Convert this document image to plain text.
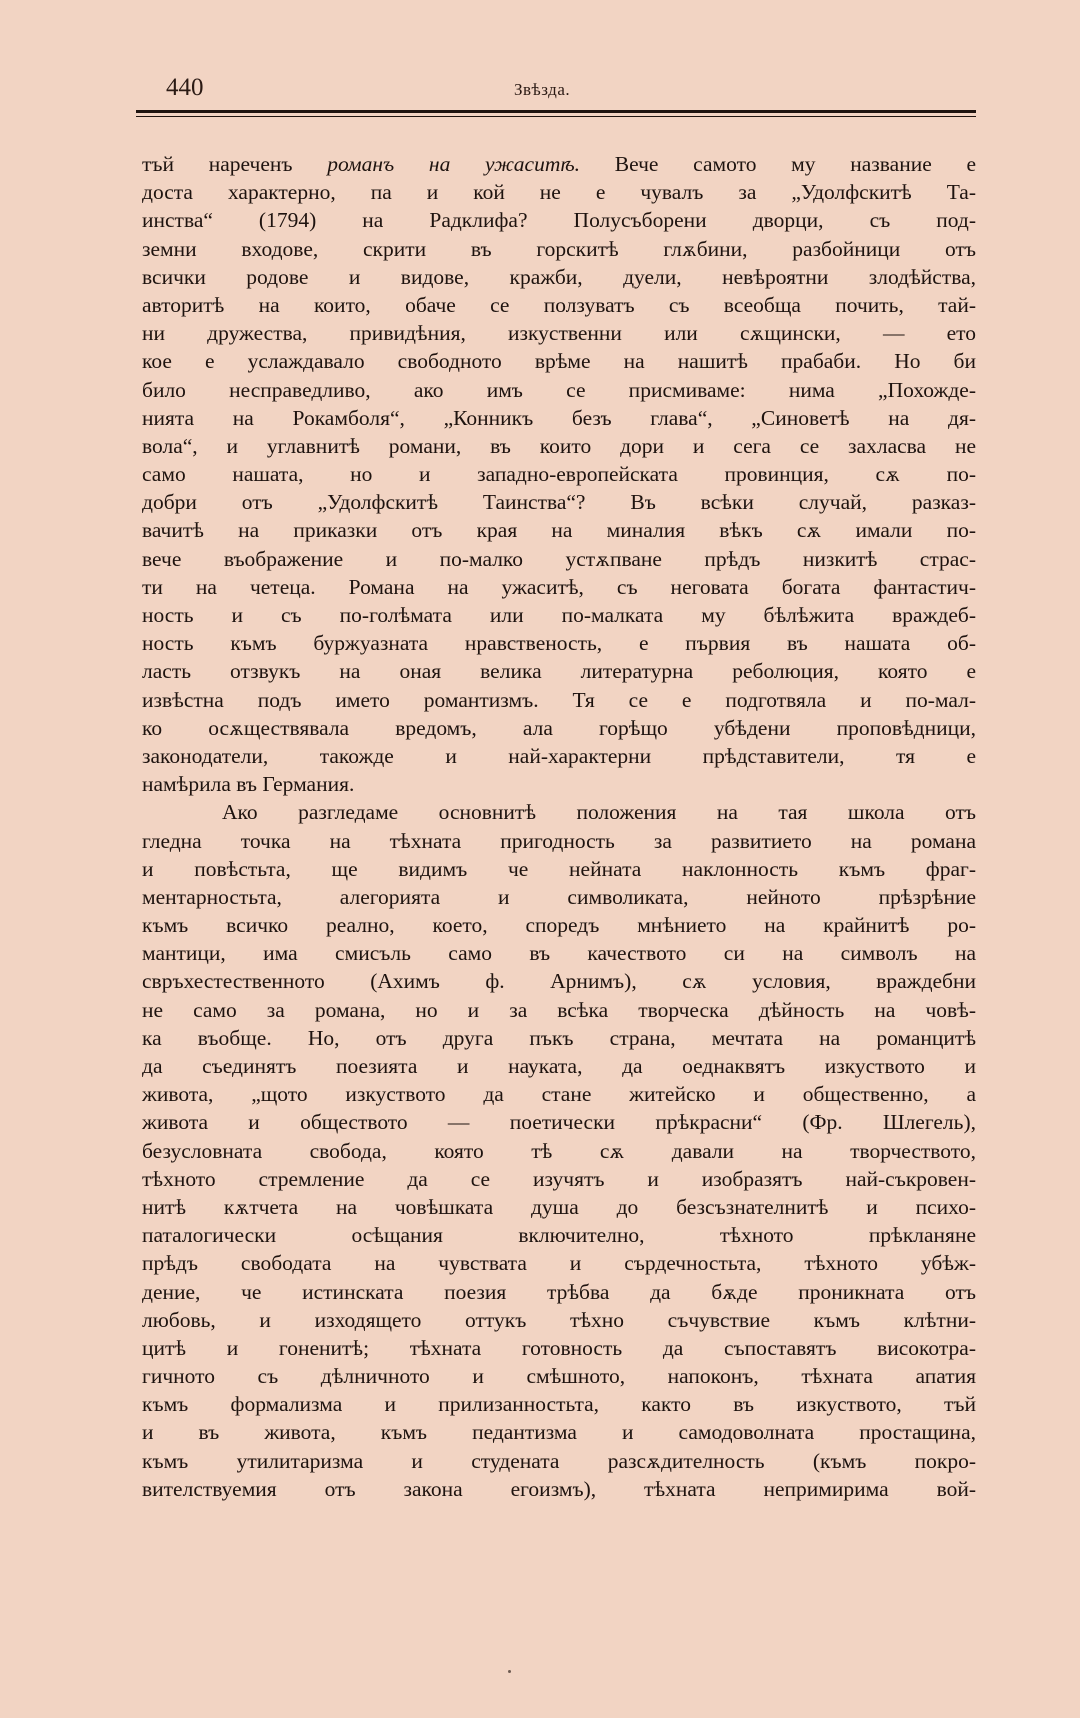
440	Звѣзда.
тъй нареченъ романъ на ужаситѣ. Вече самото му название е
доста характерно, па и кой не е чувалъ за „Удолфскитѣ Та-
инства“ (1794) на Радклифа? Полусъборени дворци, съ под-
земни входове, скрити въ горскитѣ глѫбини, разбойници отъ
всички родове и видове, кражби, дуели, невѣроятни злодѣйства,
авторитѣ на които, обаче се ползуватъ съ всеобща почить, тай-
ни дружества, привидѣния, изкуственни или сѫщински, — ето
кое е услаждавало свободното врѣме на нашитѣ прабаби. Но би
било несправедливо, ако имъ се присмиваме: нима „Похожде-
нията на Рокамболя“, „Конникъ безъ глава“, „Синоветѣ на дя-
вола“, и углавнитѣ романи, въ които дори и сега се захласва не
само нашата, но и западно-европейската провинция, сѫ по-
добри отъ „Удолфскитѣ Таинства“? Въ всѣки случай, разказ-
вачитѣ на приказки отъ края на миналия вѣкъ сѫ имали по-
вече въображение и по-малко устѫпване прѣдъ низкитѣ страс-
ти на четеца. Романа на ужаситѣ, съ неговата богата фантастич-
ность и съ по-голѣмата или по-малката му бѣлѣжита враждеб-
ность къмъ буржуазната нравственость, е първия въ нашата об-
ласть отзвукъ на оная велика литературна реболюция, която е
извѣстна подъ името романтизмъ. Тя се е подготвяла и по-мал-
ко осѫществявала вредомъ, ала горѣщо убѣдени проповѣдници,
законодатели, такожде и най-характерни прѣдставители, тя е
намѣрила въ Германия.
Ако разгледаме основнитѣ положения на тая школа отъ
гледна точка на тѣхната пригодность за развитието на романа
и повѣстьта, ще видимъ че нейната наклонность къмъ фраг-
ментарностьта, алегорията и символиката, нейното прѣзрѣние
къмъ всичко реално, което, споредъ мнѣнието на крайнитѣ ро-
мантици, има смисъль само въ качеството си на символъ на
свръхестественното (Ахимъ ф. Арнимъ), сѫ условия, враждебни
не само за романа, но и за всѣка творческа дѣйность на човѣ-
ка въобще. Но, отъ друга пъкъ страна, мечтата на романцитѣ
да съединятъ поезията и науката, да оеднаквятъ изкуството и
живота, „щото изкуството да стане житейско и общественно, а
живота и обществото — поетически прѣкрасни“ (Фр. Шлегель),
безусловната свобода, която тѣ сѫ давали на творчеството,
тѣхното стремление да се изучятъ и изобразятъ най-съкровен-
нитѣ кѫтчета на човѣшката душа до безсъзнателнитѣ и психо-
паталогически осѣщания включително, тѣхното прѣкланяне
прѣдъ свободата на чувствата и сърдечностьта, тѣхното убѣж-
дение, че истинската поезия трѣбва да бѫде проникната отъ
любовь, и изходящето оттукъ тѣхно съчувствие къмъ клѣтни-
цитѣ и гоненитѣ; тѣхната готовность да съпоставятъ високотра-
гичното съ дѣлничното и смѣшното, напоконъ, тѣхната апатия
къмъ формализма и прилизанностьта, както въ изкуството, тъй
и въ живота, къмъ педантизма и самодоволната простащина,
къмъ утилитаризма и студената разсѫдителность (къмъ покро-
вителствуемия отъ закона егоизмъ), тѣхната непримирима вой-
